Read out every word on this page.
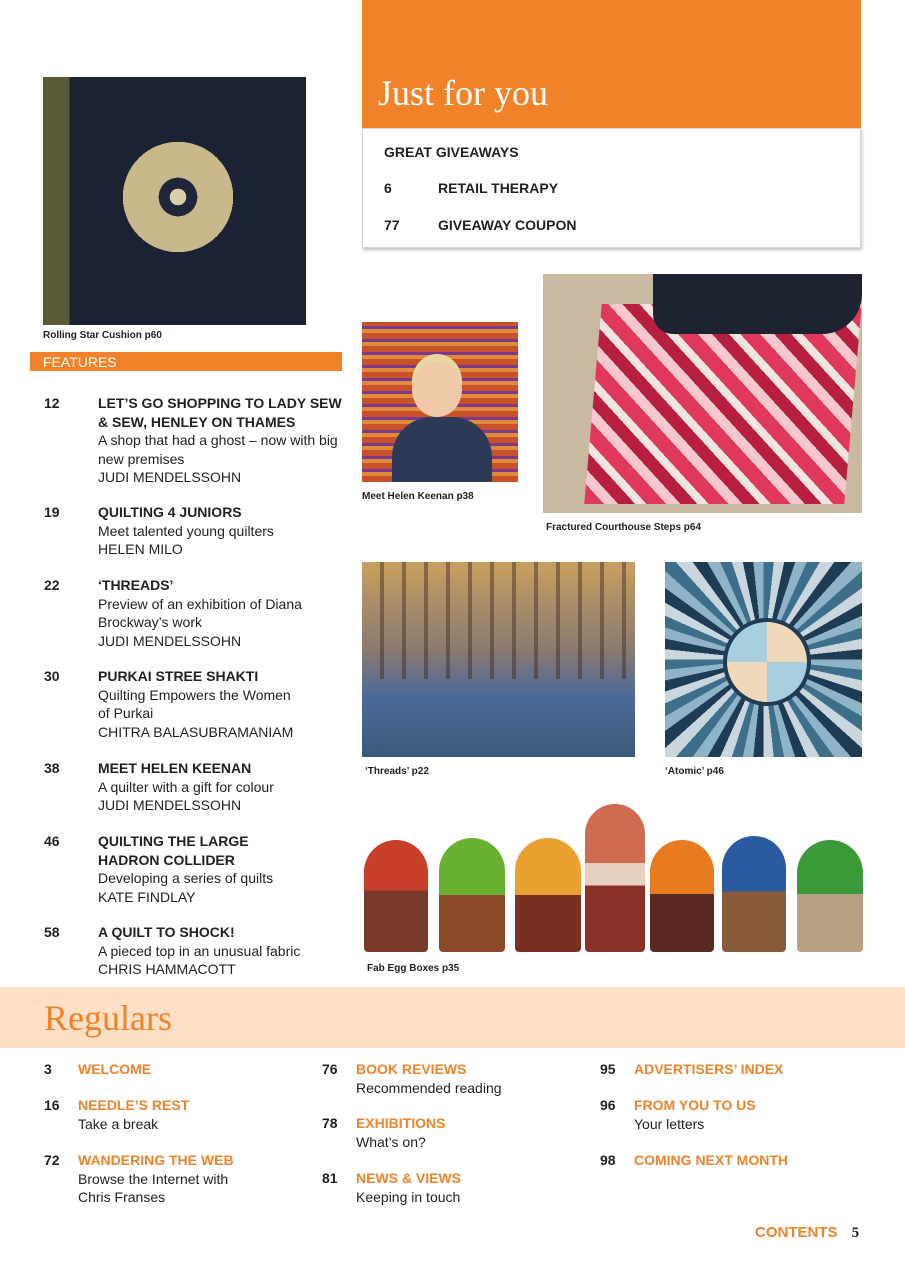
Just for you
GREAT GIVEAWAYS
6	RETAIL THERAPY
77	GIVEAWAY COUPON
Rolling Star Cushion p60
Meet Helen Keenan p38
Fractured Courthouse Steps p64
‘Threads’ p22	‘Atomic’ p46
Fab Egg Boxes p35
FEATURES
12	LET’S GO SHOPPING TO LADY SEW & SEW, HENLEY ON THAMES
A shop that had a ghost – now with big new premises
JUDI MENDELSSOHN
19	QUILTING 4 JUNIORS
Meet talented young quilters
HELEN MILO
22	‘THREADS’
Preview of an exhibition of Diana Brockway’s work
JUDI MENDELSSOHN
30	PURKAI STREE SHAKTI
Quilting Empowers the Women of Purkai
CHITRA BALASUBRAMANIAM
38	MEET HELEN KEENAN
A quilter with a gift for colour
JUDI MENDELSSOHN
46	QUILTING THE LARGE HADRON COLLIDER
Developing a series of quilts
KATE FINDLAY
58	A QUILT TO SHOCK!
A pieced top in an unusual fabric
CHRIS HAMMACOTT
Regulars
3 WELCOME
16 NEEDLE’S REST
Take a break
72 WANDERING THE WEB
Browse the Internet with Chris Franses
76 BOOK REVIEWS
Recommended reading
78 EXHIBITIONS
What’s on?
81 NEWS & VIEWS
Keeping in touch
95 ADVERTISERS’ INDEX
96 FROM YOU TO US
Your letters
98 COMING NEXT MONTH
CONTENTS 5
